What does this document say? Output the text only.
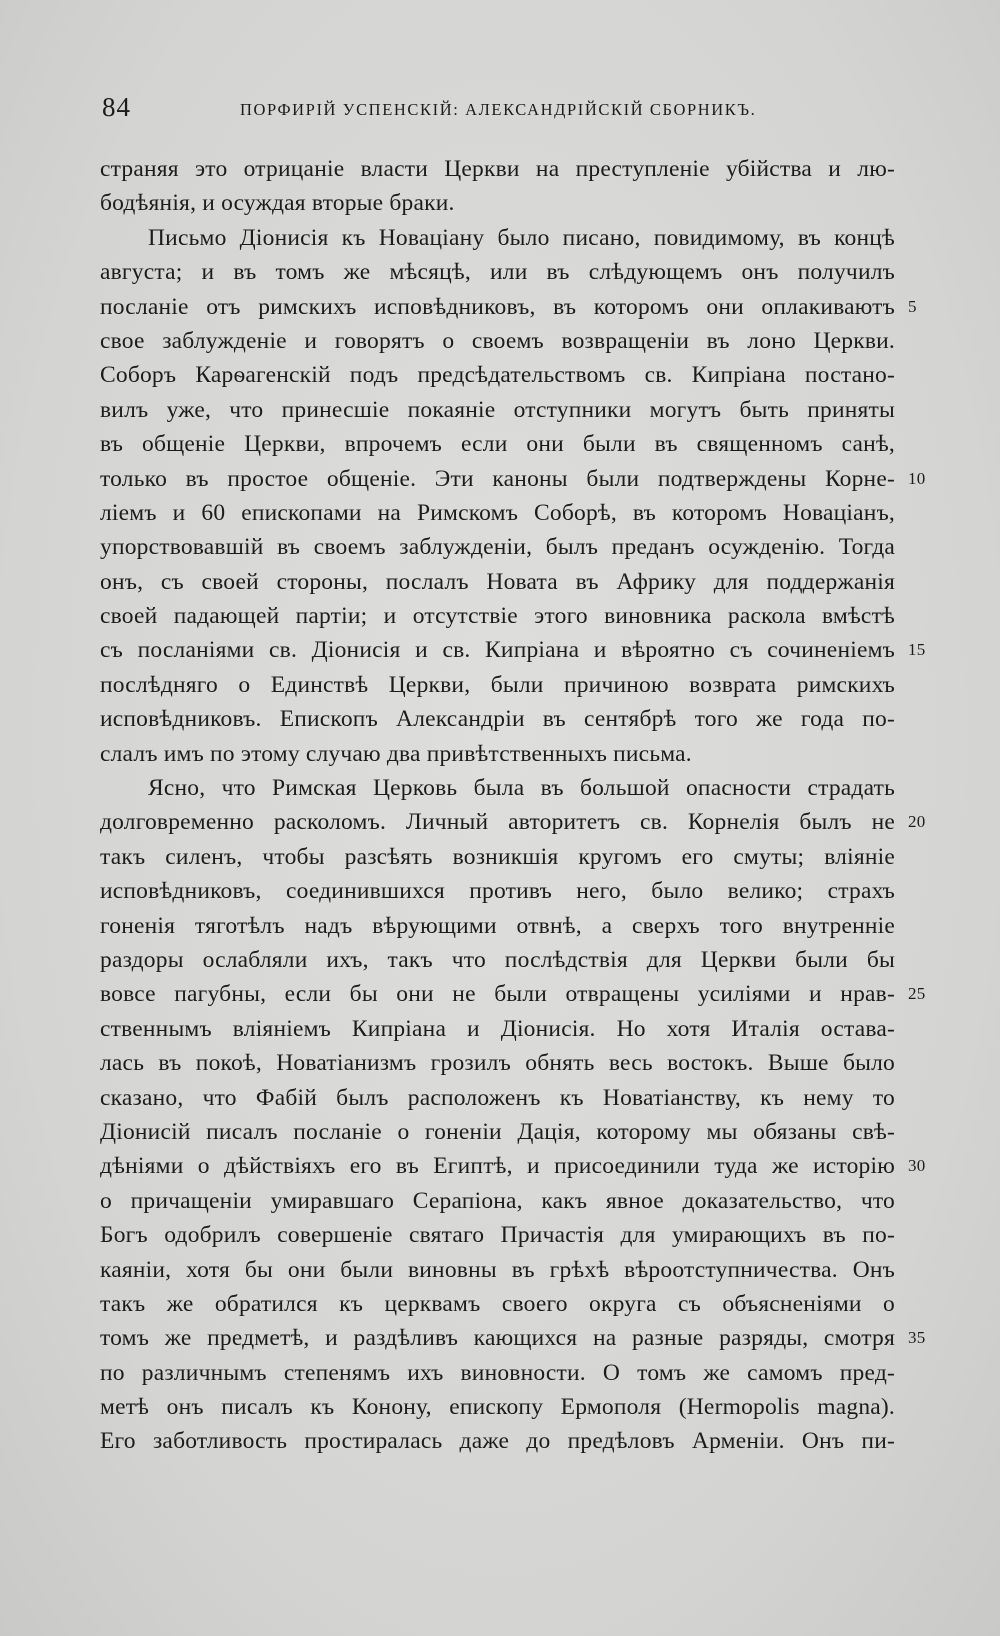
84	ПОРФИРІЙ УСПЕНСКІЙ: АЛЕКСАНДРІЙСКІЙ СБОРНИКЪ.
страняя это отрицаніе власти Церкви на преступленіе убійства и лю-
бодѣянія, и осуждая вторые браки.
Письмо Діонисія къ Новаціану было писано, повидимому, въ концѣ
августа; и въ томъ же мѣсяцѣ, или въ слѣдующемъ онъ получилъ
посланіе отъ римскихъ исповѣдниковъ, въ которомъ они оплакиваютъ 5
свое заблужденіе и говорятъ о своемъ возвращеніи въ лоно Церкви.
Соборъ Карѳагенскій подъ предсѣдательствомъ св. Кипріана постано-
вилъ уже, что принесшіе покаяніе отступники могутъ быть приняты
въ общеніе Церкви, впрочемъ если они были въ священномъ санѣ,
только въ простое общеніе. Эти каноны были подтверждены Корне- 10
ліемъ и 60 епископами на Римскомъ Соборѣ, въ которомъ Новаціанъ,
упорствовавшій въ своемъ заблужденіи, былъ преданъ осужденію. Тогда
онъ, съ своей стороны, послалъ Новата въ Африку для поддержанія
своей падающей партіи; и отсутствіе этого виновника раскола вмѣстѣ
съ посланіями св. Діонисія и св. Кипріана и вѣроятно съ сочиненіемъ 15
послѣдняго о Единствѣ Церкви, были причиною возврата римскихъ
исповѣдниковъ. Епископъ Александріи въ сентябрѣ того же года по-
слалъ имъ по этому случаю два привѣтственныхъ письма.
Ясно, что Римская Церковь была въ большой опасности страдать
долговременно расколомъ. Личный авторитетъ св. Корнелія былъ не 20
такъ силенъ, чтобы разсѣять возникшія кругомъ его смуты; вліяніе
исповѣдниковъ, соединившихся противъ него, было велико; страхъ
гоненія тяготѣлъ надъ вѣрующими отвнѣ, а сверхъ того внутренніе
раздоры ослабляли ихъ, такъ что послѣдствія для Церкви были бы
вовсе пагубны, если бы они не были отвращены усиліями и нрав- 25
ственнымъ вліяніемъ Кипріана и Діонисія. Но хотя Италія остава-
лась въ покоѣ, Новатіанизмъ грозилъ обнять весь востокъ. Выше было
сказано, что Фабій былъ расположенъ къ Новатіанству, къ нему то
Діонисій писалъ посланіе о гоненіи Дація, которому мы обязаны свѣ-
дѣніями о дѣйствіяхъ его въ Египтѣ, и присоединили туда же исторію 30
о причащеніи умиравшаго Серапіона, какъ явное доказательство, что
Богъ одобрилъ совершеніе святаго Причастія для умирающихъ въ по-
каяніи, хотя бы они были виновны въ грѣхѣ вѣроотступничества. Онъ
такъ же обратился къ церквамъ своего округа съ объясненіями о
томъ же предметѣ, и раздѣливъ кающихся на разные разряды, смотря 35
по различнымъ степенямъ ихъ виновности. О томъ же самомъ пред-
метѣ онъ писалъ къ Конону, епископу Ермополя (Hermopolis magna).
Его заботливость простиралась даже до предѣловъ Арменіи. Онъ пи-
